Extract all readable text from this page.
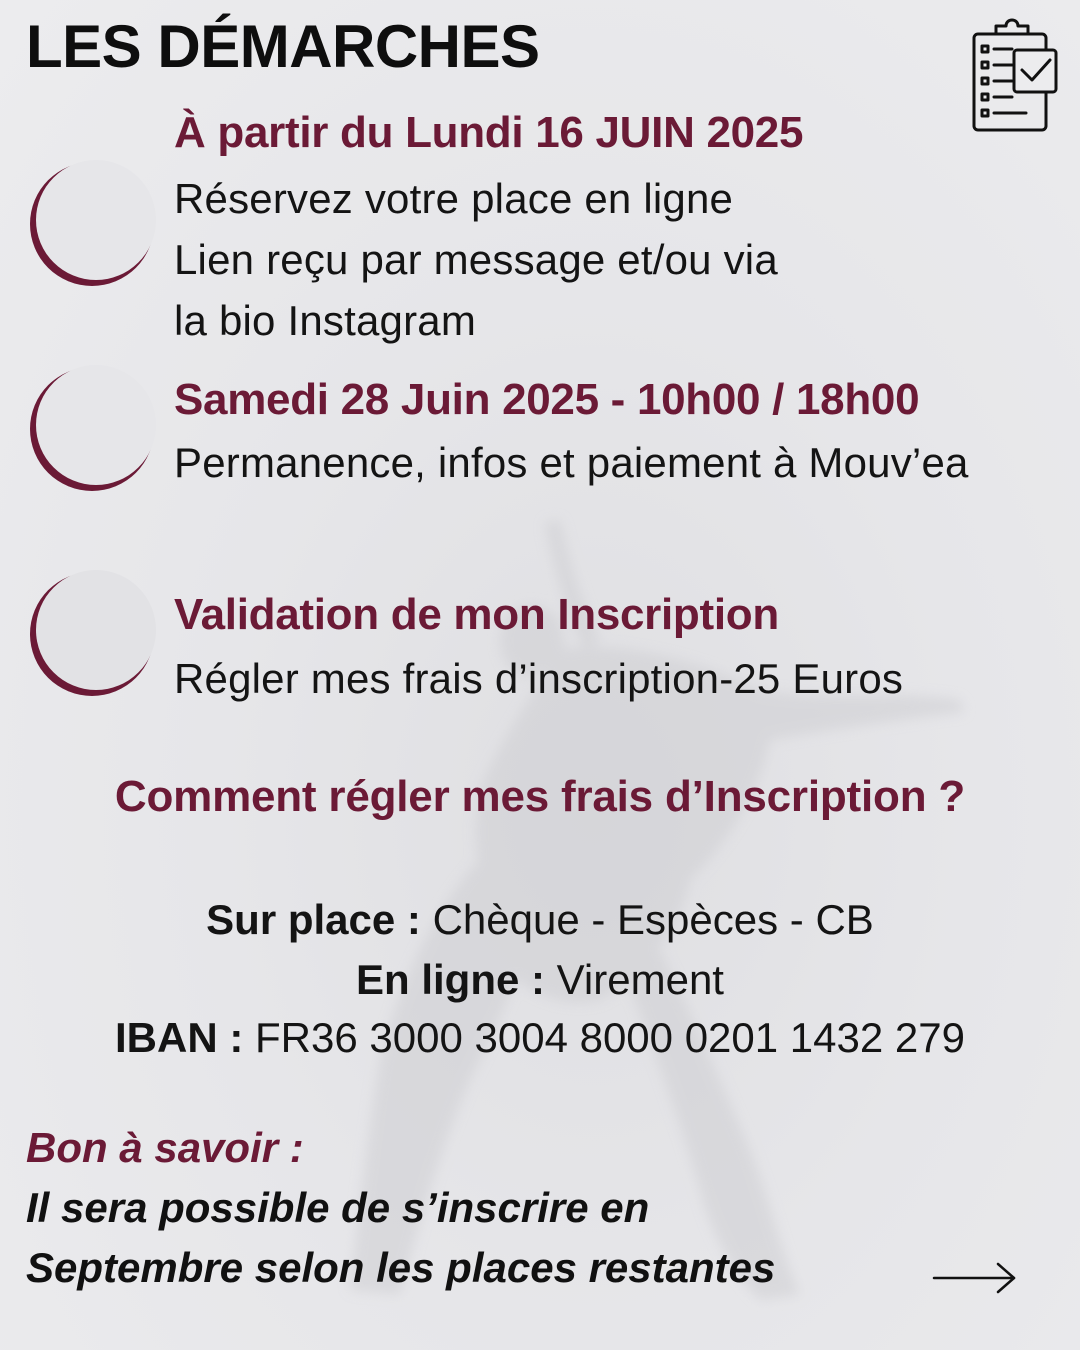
LES DÉMARCHES
À partir du Lundi 16 JUIN 2025
Réservez votre place en ligne
Lien reçu par message et/ou via
la bio Instagram
Samedi 28 Juin 2025 - 10h00 / 18h00
Permanence, infos et paiement à Mouv’ea
Validation de mon Inscription
Régler mes frais d’inscription-25 Euros
Comment régler mes frais d’Inscription ?
Sur place : Chèque - Espèces - CB
En ligne : Virement
IBAN : FR36 3000 3004 8000 0201 1432 279
Bon à savoir :
Il sera possible de s’inscrire en
Septembre selon les places restantes
